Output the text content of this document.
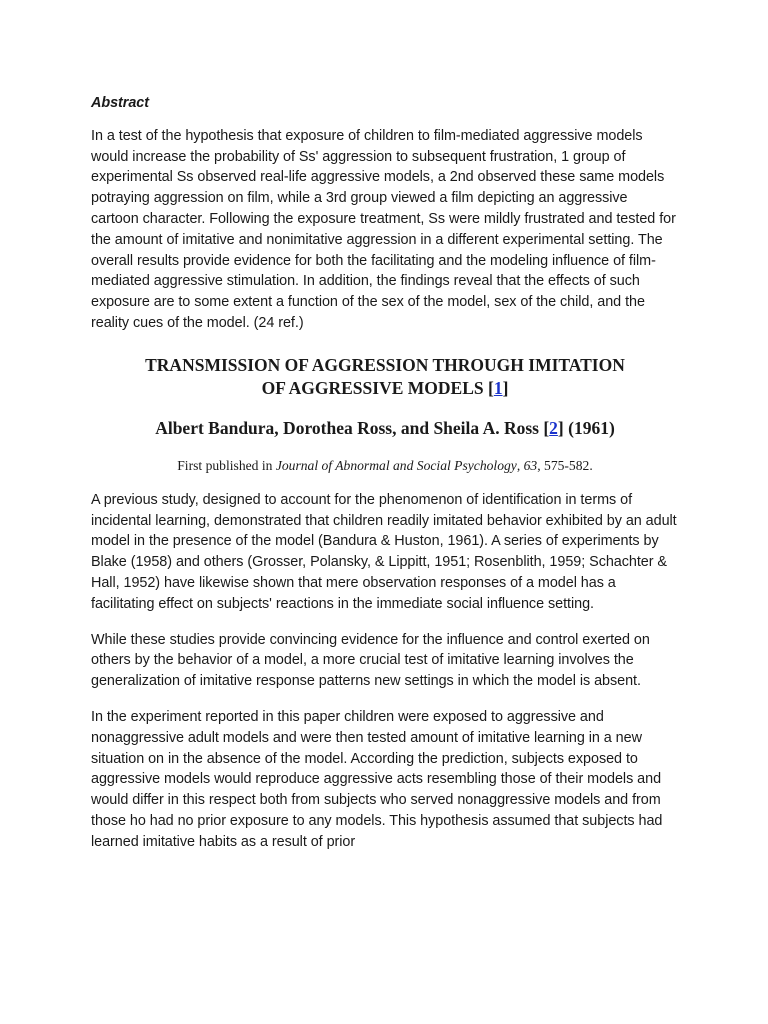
Abstract

In a test of the hypothesis that exposure of children to film-mediated aggressive models would increase the probability of Ss' aggression to subsequent frustration, 1 group of experimental Ss observed real-life aggressive models, a 2nd observed these same models potraying aggression on film, while a 3rd group viewed a film depicting an aggressive cartoon character. Following the exposure treatment, Ss were mildly frustrated and tested for the amount of imitative and nonimitative aggression in a different experimental setting. The overall results provide evidence for both the facilitating and the modeling influence of film-mediated aggressive stimulation. In addition, the findings reveal that the effects of such exposure are to some extent a function of the sex of the model, sex of the child, and the reality cues of the model. (24 ref.)

TRANSMISSION OF AGGRESSION THROUGH IMITATION
OF AGGRESSIVE MODELS [1]
Albert Bandura, Dorothea Ross, and Sheila A. Ross [2] (1961)
First published in Journal of Abnormal and Social Psychology, 63, 575-582.

A previous study, designed to account for the phenomenon of identification in terms of incidental learning, demonstrated that children readily imitated behavior exhibited by an adult model in the presence of the model (Bandura & Huston, 1961). A series of experiments by Blake (1958) and others (Grosser, Polansky, & Lippitt, 1951; Rosenblith, 1959; Schachter & Hall, 1952) have likewise shown that mere observation responses of a model has a facilitating effect on subjects' reactions in the immediate social influence setting.

While these studies provide convincing evidence for the influence and control exerted on others by the behavior of a model, a more crucial test of imitative learning involves the generalization of imitative response patterns new settings in which the model is absent.

In the experiment reported in this paper children were exposed to aggressive and nonaggressive adult models and were then tested amount of imitative learning in a new situation on in the absence of the model. According the prediction, subjects exposed to aggressive models would reproduce aggressive acts resembling those of their models and would differ in this respect both from subjects who served nonaggressive models and from those ho had no prior exposure to any models. This hypothesis assumed that subjects had learned imitative habits as a result of prior
